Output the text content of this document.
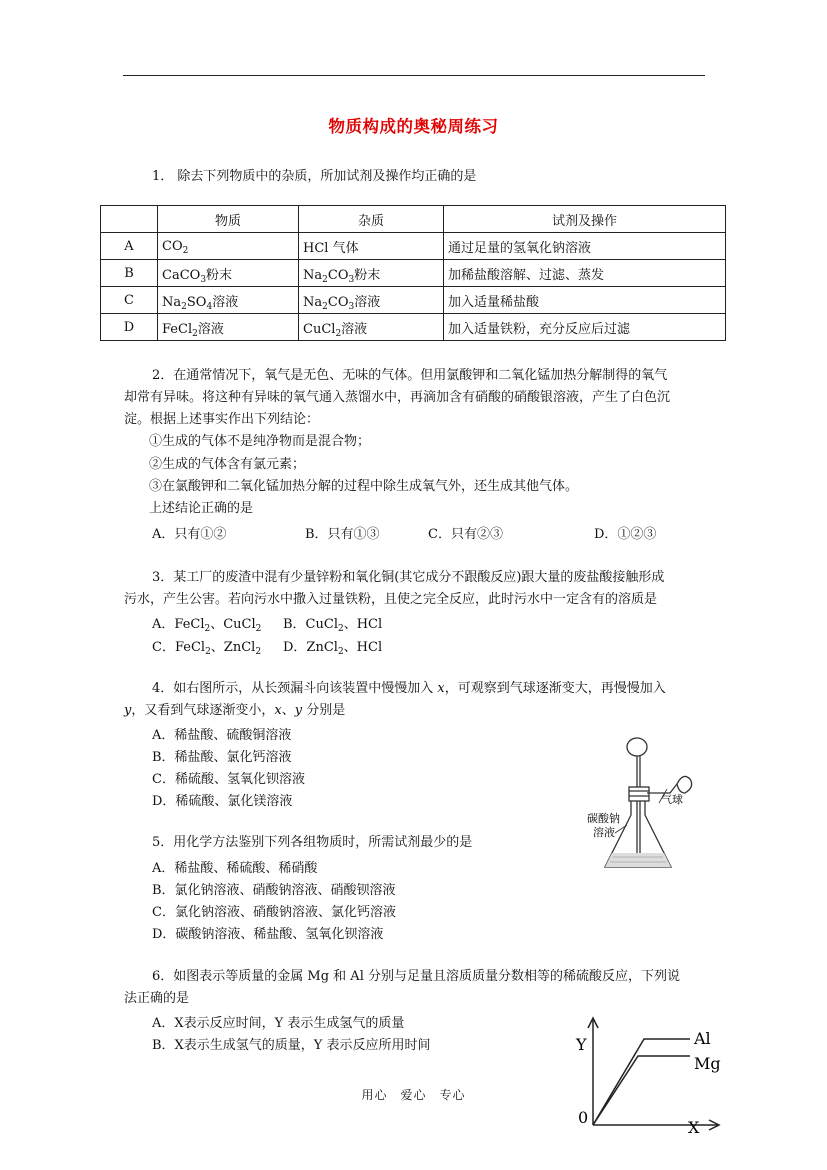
物质构成的奥秘周练习
1． 除去下列物质中的杂质，所加试剂及操作均正确的是
	物质	杂质	试剂及操作
A	$CO_2$	HCl 气体	通过足量的氢氧化钠溶液
B	CaCO$_3$粉末	$Na_2CO_3$粉末	加稀盐酸溶解、过滤、蒸发
C	$Na_2SO_4$溶液	$Na_2CO_3$溶液	加入适量稀盐酸
D	FeCl$_2$溶液	CuCl$_2$溶液	加入适量铁粉，充分反应后过滤
2．在通常情况下，氧气是无色、无味的气体。但用氯酸钾和二氧化锰加热分解制得的氧气
却常有异味。将这种有异味的氧气通入蒸馏水中，再滴加含有硝酸的硝酸银溶液，产生了白色沉
淀。根据上述事实作出下列结论：
①生成的气体不是纯净物而是混合物；
②生成的气体含有氯元素；
③在氯酸钾和二氧化锰加热分解的过程中除生成氧气外，还生成其他气体。
上述结论正确的是
A．只有①②	B．只有①③	C．只有②③	D．①②③
3．某工厂的废渣中混有少量锌粉和氧化铜(其它成分不跟酸反应)跟大量的废盐酸接触形成
污水，产生公害。若向污水中撒入过量铁粉，且使之完全反应，此时污水中一定含有的溶质是
A．FeCl$_2$、CuCl$_2$ B．CuCl$_2$、HCl
C．FeCl$_2$、ZnCl$_2$ D．ZnCl$_2$、HCl
4．如右图所示，从长颈漏斗向该装置中慢慢加入 x，可观察到气球逐渐变大，再慢慢加入
y，又看到气球逐渐变小，x、y 分别是
A．稀盐酸、硫酸铜溶液
B．稀盐酸、氯化钙溶液
C．稀硫酸、氢氧化钡溶液
D．稀硫酸、氯化镁溶液
碳酸钠
溶液
气球
5．用化学方法鉴别下列各组物质时，所需试剂最少的是
A．稀盐酸、稀硫酸、稀硝酸
B．氯化钠溶液、硝酸钠溶液、硝酸钡溶液
C．氯化钠溶液、硝酸钠溶液、氯化钙溶液
D．碳酸钠溶液、稀盐酸、氢氧化钡溶液
6．如图表示等质量的金属 Mg 和 Al 分别与足量且溶质质量分数相等的稀硫酸反应，下列说
法正确的是
A．X表示反应时间，Y 表示生成氢气的质量
B．X表示生成氢气的质量，Y 表示反应所用时间	Y
X
0
Al
Mg
用心　爱心　专心
